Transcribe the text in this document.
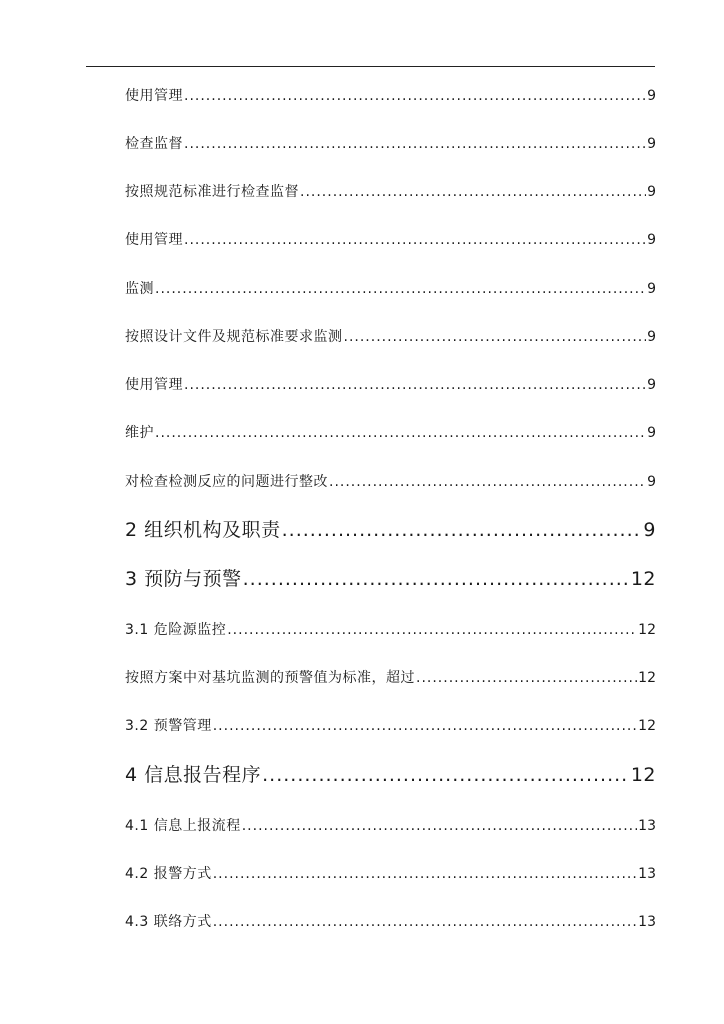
使用管理 .....	9
检查监督 .....	9
按照规范标准进行检查监督 .....	9
使用管理 .....	9
监测 .....	9
按照设计文件及规范标准要求监测 .....	9
使用管理 .....	9
维护 .....	9
对检查检测反应的问题进行整改 .....	9
2 组织机构及职责 .....	9
3 预防与预警 .....	12
3.1 危险源监控 .....	12
按照方案中对基坑监测的预警值为标准，超过 .....	12
3.2 预警管理 .....	12
4 信息报告程序 .....	12
4.1 信息上报流程 .....	13
4.2 报警方式 .....	13
4.3 联络方式 .....	13
